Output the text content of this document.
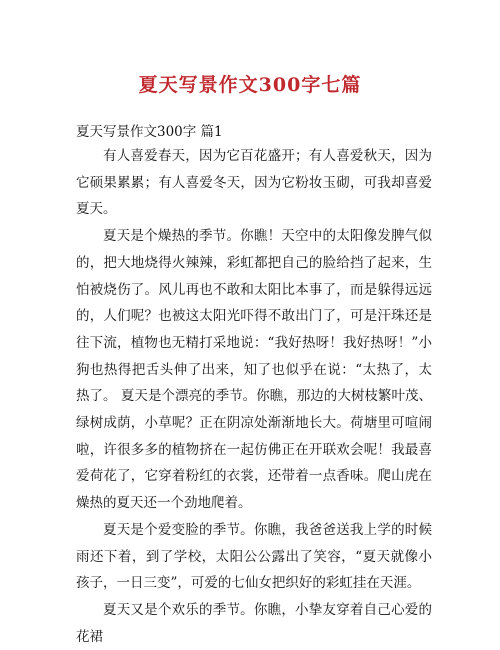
夏天写景作文300字七篇
夏天写景作文300字 篇1

有人喜爱春天，因为它百花盛开；有人喜爱秋天，因为它硕果累累；有人喜爱冬天，因为它粉妆玉砌，可我却喜爱夏天。

夏天是个燥热的季节。你瞧！天空中的太阳像发脾气似的，把大地烧得火辣辣，彩虹都把自己的脸给挡了起来，生怕被烧伤了。风儿再也不敢和太阳比本事了，而是躲得远远的，人们呢？也被这太阳光吓得不敢出门了，可是汗珠还是往下流，植物也无精打采地说：“我好热呀！我好热呀！”小狗也热得把舌头伸了出来，知了也似乎在说：“太热了，太热了。 夏天是个漂亮的季节。你瞧，那边的大树枝繁叶茂、绿树成荫，小草呢？正在阴凉处渐渐地长大。荷塘里可喧闹啦，许很多多的植物挤在一起仿佛正在开联欢会呢！我最喜爱荷花了，它穿着粉红的衣裳，还带着一点香味。爬山虎在燥热的夏天还一个劲地爬着。

夏天是个爱变脸的季节。你瞧，我爸爸送我上学的时候雨还下着，到了学校，太阳公公露出了笑容，“夏天就像小孩子，一日三变”，可爱的七仙女把织好的彩虹挂在天涯。

夏天又是个欢乐的季节。你瞧，小挚友穿着自己心爱的花裙
